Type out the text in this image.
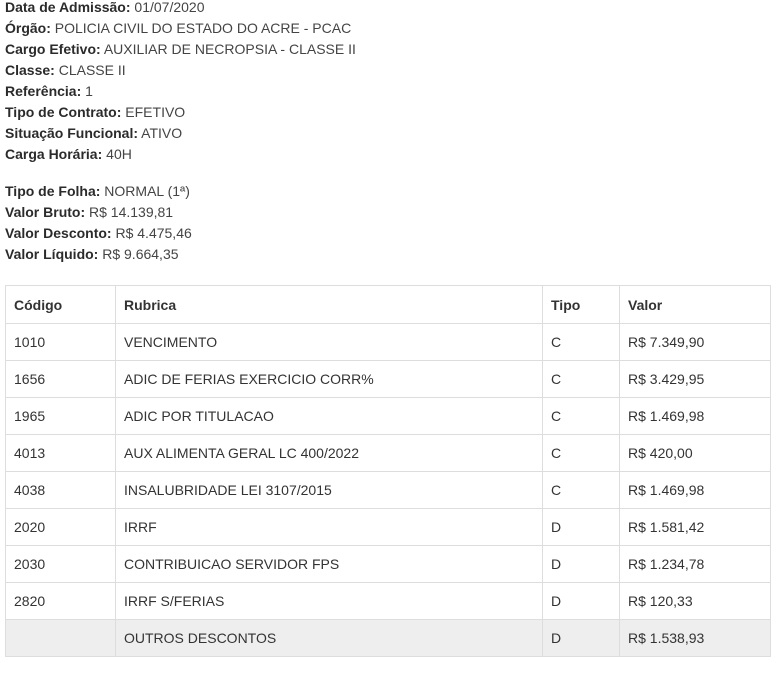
Data de Admissão: 01/07/2020
Órgão: POLICIA CIVIL DO ESTADO DO ACRE - PCAC
Cargo Efetivo: AUXILIAR DE NECROPSIA - CLASSE II
Classe: CLASSE II
Referência: 1
Tipo de Contrato: EFETIVO
Situação Funcional: ATIVO
Carga Horária: 40H
Tipo de Folha: NORMAL (1ª)
Valor Bruto: R$ 14.139,81
Valor Desconto: R$ 4.475,46
Valor Líquido: R$ 9.664,35
Código	Rubrica	Tipo	Valor
1010	VENCIMENTO	C	R$ 7.349,90
1656	ADIC DE FERIAS EXERCICIO CORR%	C	R$ 3.429,95
1965	ADIC POR TITULACAO	C	R$ 1.469,98
4013	AUX ALIMENTA GERAL LC 400/2022	C	R$ 420,00
4038	INSALUBRIDADE LEI 3107/2015	C	R$ 1.469,98
2020	IRRF	D	R$ 1.581,42
2030	CONTRIBUICAO SERVIDOR FPS	D	R$ 1.234,78
2820	IRRF S/FERIAS	D	R$ 120,33
	OUTROS DESCONTOS	D	R$ 1.538,93
